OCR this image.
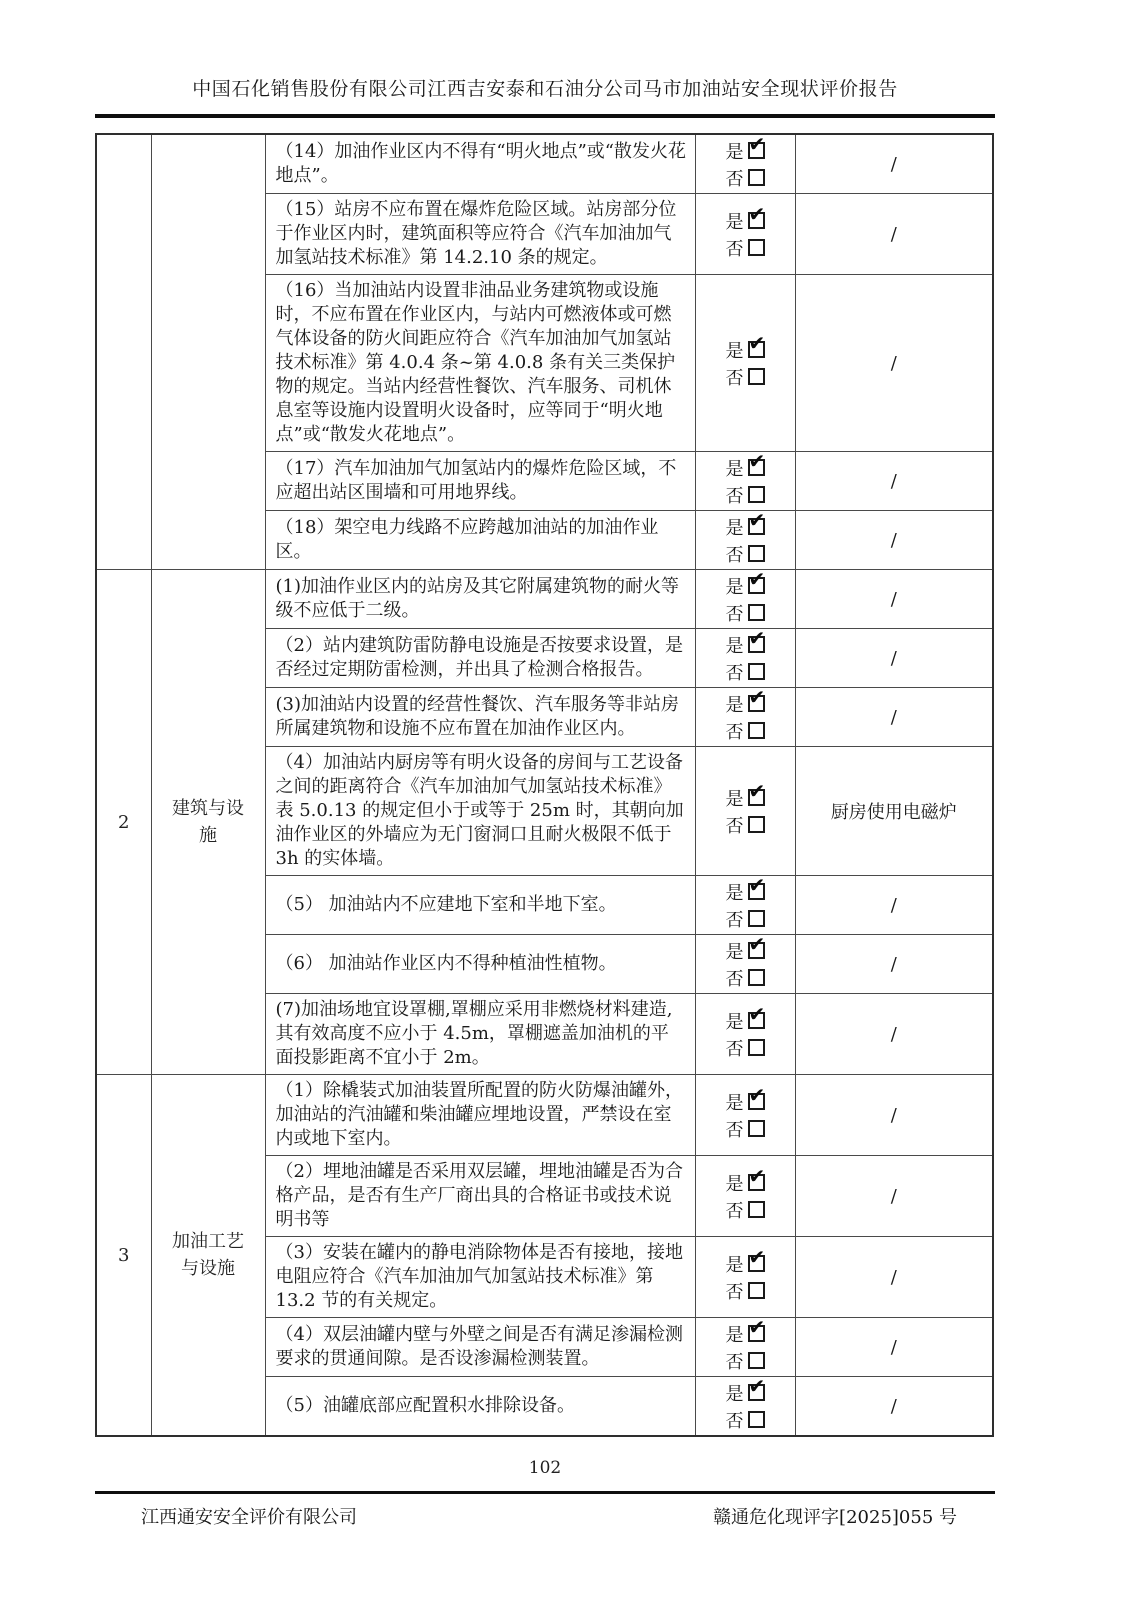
中国石化销售股份有限公司江西吉安泰和石油分公司马市加油站安全现状评价报告
		（14）加油作业区内不得有“明火地点”或“散发火花地点”。	是 ✔
否	/
		（15）站房不应布置在爆炸危险区域。站房部分位于作业区内时，建筑面积等应符合《汽车加油加气加氢站技术标准》第 14.2.10 条的规定。	是 ✔
否	/
		（16）当加油站内设置非油品业务建筑物或设施时，不应布置在作业区内，与站内可燃液体或可燃气体设备的防火间距应符合《汽车加油加气加氢站技术标准》第 4.0.4 条~第 4.0.8 条有关三类保护物的规定。当站内经营性餐饮、汽车服务、司机休息室等设施内设置明火设备时，应等同于“明火地点”或“散发火花地点”。	是 ✔
否	/
		（17）汽车加油加气加氢站内的爆炸危险区域，不应超出站区围墙和可用地界线。	是 ✔
否	/
		（18）架空电力线路不应跨越加油站的加油作业区。	是 ✔
否	/
2	建筑与设施	(1)加油作业区内的站房及其它附属建筑物的耐火等级不应低于二级。	是 ✔
否	/
		（2）站内建筑防雷防静电设施是否按要求设置，是否经过定期防雷检测，并出具了检测合格报告。	是 ✔
否	/
		(3)加油站内设置的经营性餐饮、汽车服务等非站房所属建筑物和设施不应布置在加油作业区内。	是 ✔
否	/
		（4）加油站内厨房等有明火设备的房间与工艺设备之间的距离符合《汽车加油加气加氢站技术标准》表 5.0.13 的规定但小于或等于 25m 时，其朝向加油作业区的外墙应为无门窗洞口且耐火极限不低于 3h 的实体墙。	是 ✔
否	厨房使用电磁炉
		（5） 加油站内不应建地下室和半地下室。	是 ✔
否	/
		（6） 加油站作业区内不得种植油性植物。	是 ✔
否	/
		(7)加油场地宜设罩棚,罩棚应采用非燃烧材料建造,其有效高度不应小于 4.5m，罩棚遮盖加油机的平面投影距离不宜小于 2m。	是 ✔
否	/
3	加油工艺与设施	（1）除橇装式加油装置所配置的防火防爆油罐外，加油站的汽油罐和柴油罐应埋地设置，严禁设在室内或地下室内。	是 ✔
否	/
		（2）埋地油罐是否采用双层罐，埋地油罐是否为合格产品，是否有生产厂商出具的合格证书或技术说明书等	是 ✔
否	/
		（3）安装在罐内的静电消除物体是否有接地，接地电阻应符合《汽车加油加气加氢站技术标准》第 13.2 节的有关规定。	是 ✔
否	/
		（4）双层油罐内壁与外壁之间是否有满足渗漏检测要求的贯通间隙。是否设渗漏检测装置。	是 ✔
否	/
		（5）油罐底部应配置积水排除设备。	是 ✔
否	/
102
江西通安安全评价有限公司	赣通危化现评字[2025]055 号
